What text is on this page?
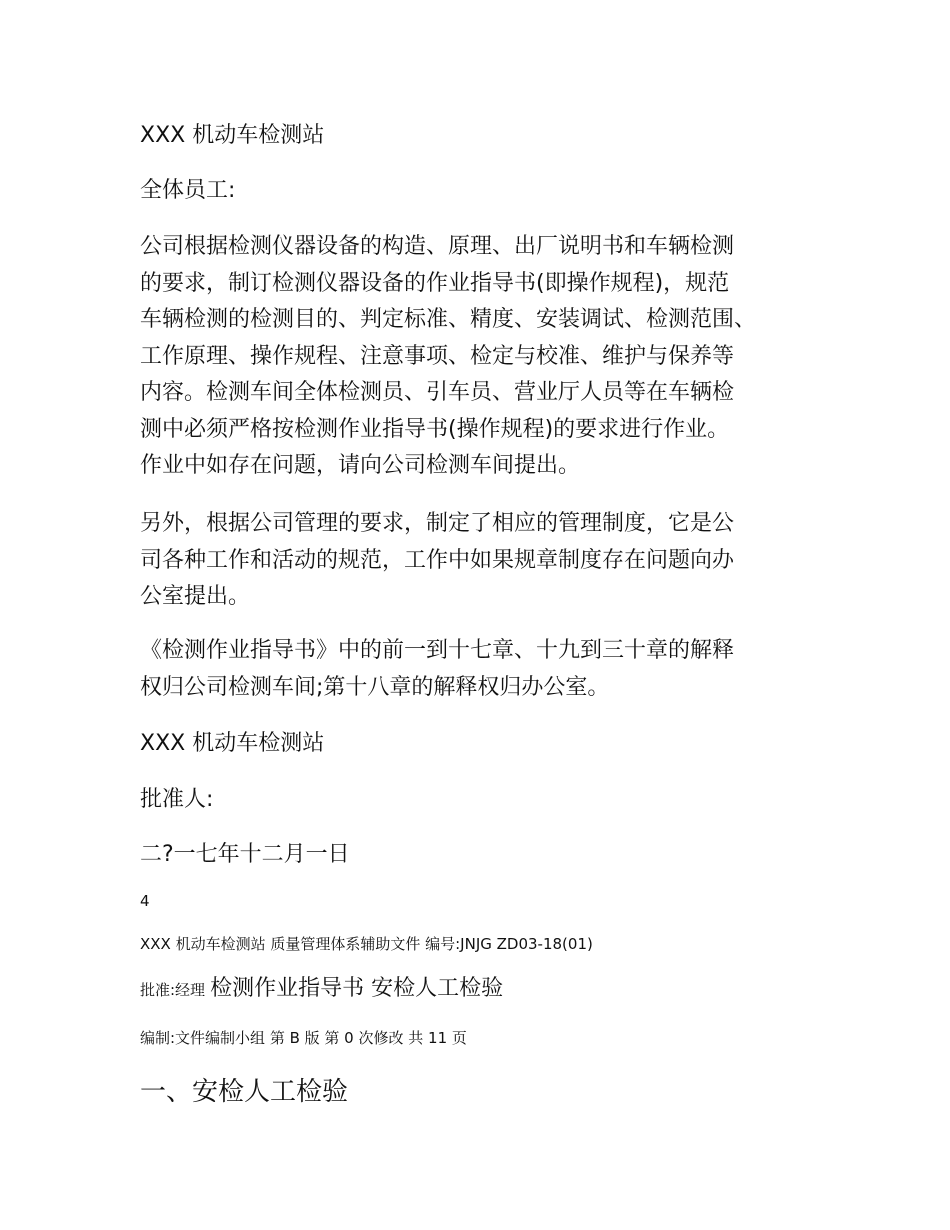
XXX 机动车检测站

全体员工:

公司根据检测仪器设备的构造、原理、出厂说明书和车辆检测
的要求，制订检测仪器设备的作业指导书(即操作规程)，规范
车辆检测的检测目的、判定标准、精度、安装调试、检测范围、
工作原理、操作规程、注意事项、检定与校准、维护与保养等
内容。检测车间全体检测员、引车员、营业厅人员等在车辆检
测中必须严格按检测作业指导书(操作规程)的要求进行作业。
作业中如存在问题，请向公司检测车间提出。
另外，根据公司管理的要求，制定了相应的管理制度，它是公
司各种工作和活动的规范，工作中如果规章制度存在问题向办
公室提出。
《检测作业指导书》中的前一到十七章、十九到三十章的解释
权归公司检测车间;第十八章的解释权归办公室。

XXX 机动车检测站

批准人:

二?一七年十二月一日

4

XXX 机动车检测站 质量管理体系辅助文件 编号:JNJG ZD03-18(01)

批准:经理 检测作业指导书 安检人工检验

编制:文件编制小组 第 B 版 第 0 次修改 共 11 页

一、安检人工检验
